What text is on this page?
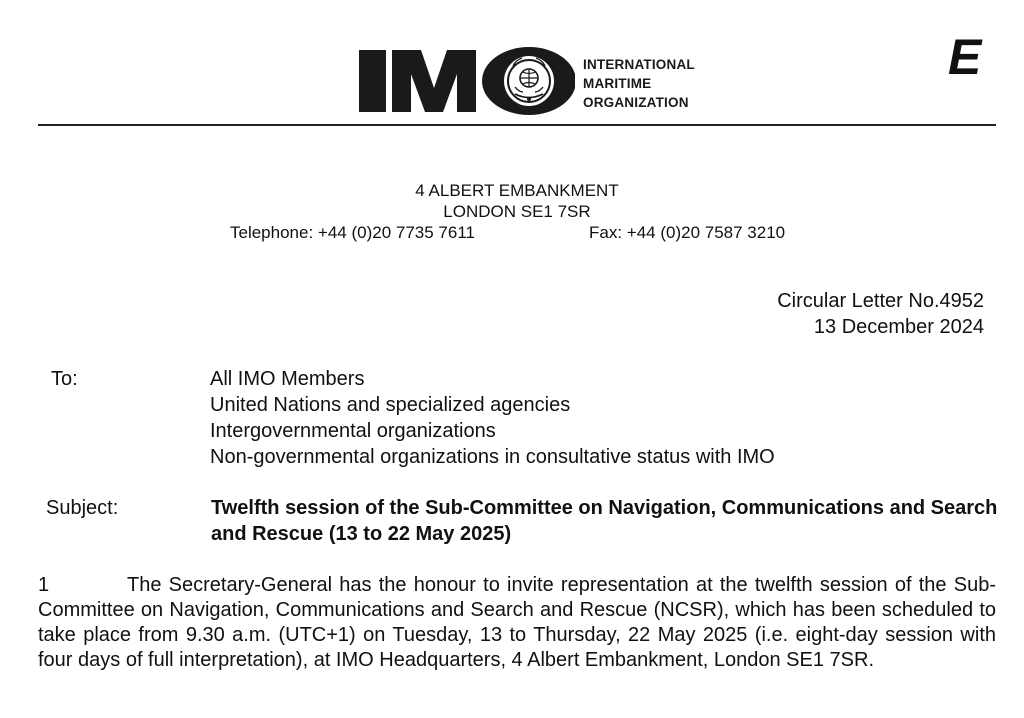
INTERNATIONAL
MARITIME
ORGANIZATION
E
4 ALBERT EMBANKMENT
LONDON SE1 7SR
Telephone: +44 (0)20 7735 7611	Fax: +44 (0)20 7587 3210
Circular Letter No.4952
13 December 2024
To:	All IMO Members
United Nations and specialized agencies
Intergovernmental organizations
Non-governmental organizations in consultative status with IMO
Subject:	Twelfth session of the Sub-Committee on Navigation, Communications and Search and Rescue (13 to 22 May 2025)
1	The Secretary-General has the honour to invite representation at the twelfth session of the Sub-Committee on Navigation, Communications and Search and Rescue (NCSR), which has been scheduled to take place from 9.30 a.m. (UTC+1) on Tuesday, 13 to Thursday, 22 May 2025 (i.e. eight-day session with four days of full interpretation), at IMO Headquarters, 4 Albert Embankment, London SE1 7SR.
